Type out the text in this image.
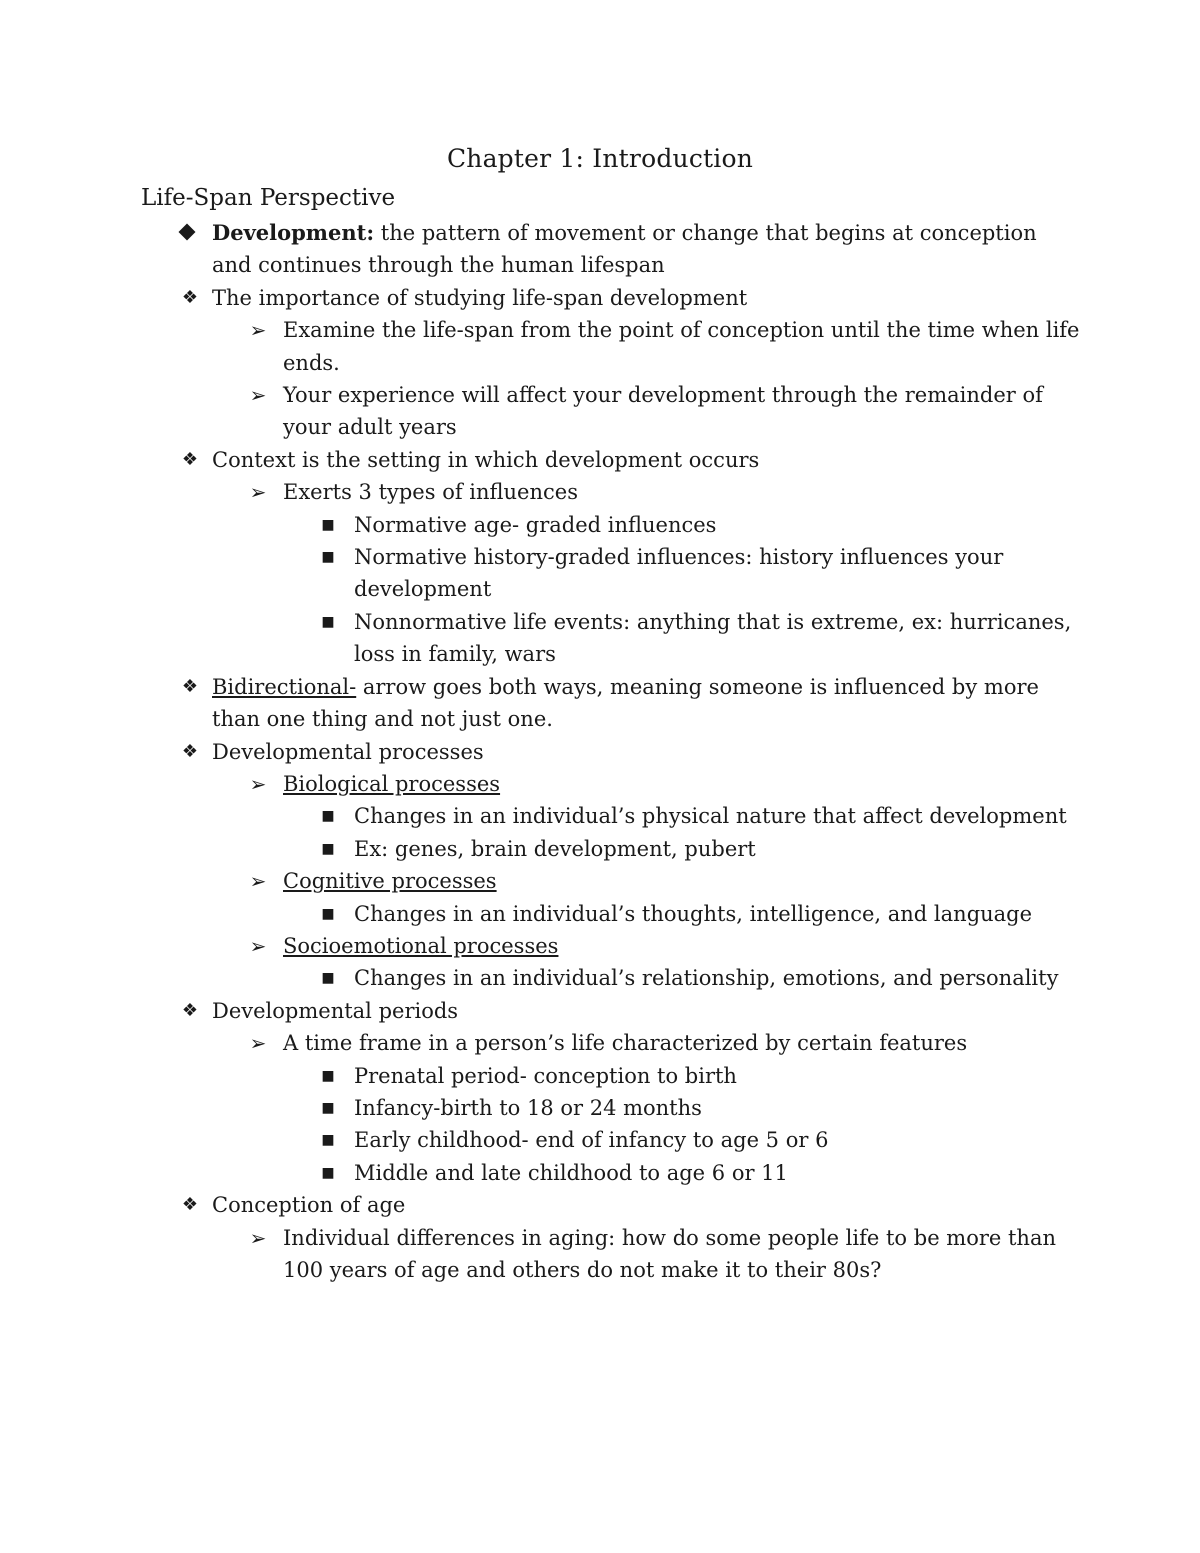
Chapter 1: Introduction
Life-Span Perspective
Development: the pattern of movement or change that begins at conception and continues through the human lifespan
❖ The importance of studying life-span development
➢ Examine the life-span from the point of conception until the time when life ends.
➢ Your experience will affect your development through the remainder of your adult years
❖ Context is the setting in which development occurs
➢ Exerts 3 types of influences
■ Normative age- graded influences
■ Normative history-graded influences: history influences your development
■ Nonnormative life events: anything that is extreme, ex: hurricanes, loss in family, wars
❖ Bidirectional- arrow goes both ways, meaning someone is influenced by more than one thing and not just one.
❖ Developmental processes
➢ Biological processes
■ Changes in an individual’s physical nature that affect development
■ Ex: genes, brain development, pubert
➢ Cognitive processes
■ Changes in an individual’s thoughts, intelligence, and language
➢ Socioemotional processes
■ Changes in an individual’s relationship, emotions, and personality
❖ Developmental periods
➢ A time frame in a person’s life characterized by certain features
■ Prenatal period- conception to birth
■ Infancy-birth to 18 or 24 months
■ Early childhood- end of infancy to age 5 or 6
■ Middle and late childhood to age 6 or 11
❖ Conception of age
➢ Individual differences in aging: how do some people life to be more than 100 years of age and others do not make it to their 80s?
